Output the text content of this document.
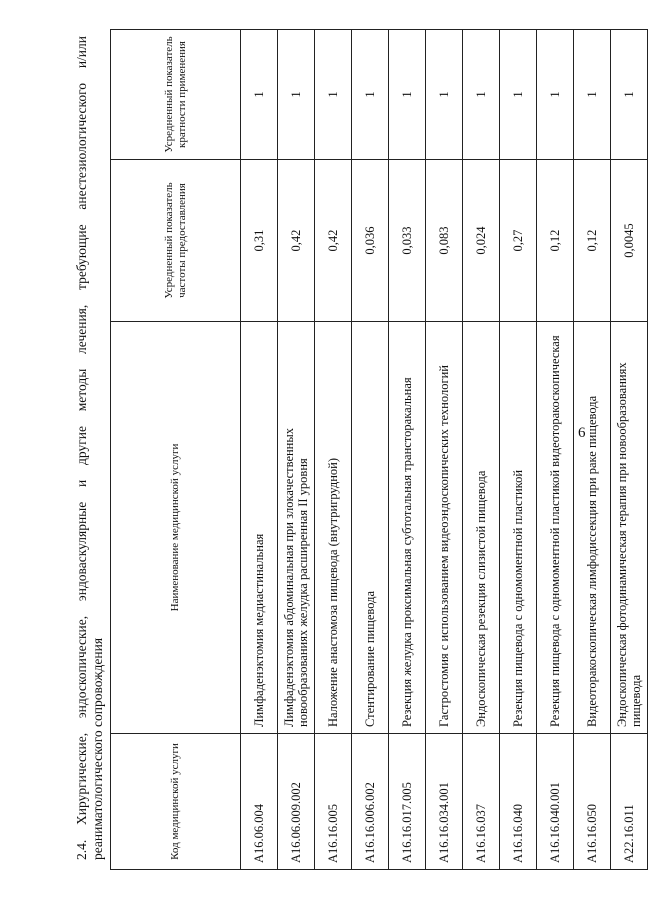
6
2.4. Хирургические, эндоскопические, эндоваскулярные и другие методы лечения, требующие анестезиологического и/или реаниматологического сопровождения	Код медицинской услуги	Наименование медицинской услуги	Усредненный показатель частоты предоставления	Усредненный показатель кратности применения
A16.06.004	Лимфаденэктомия медиастинальная	0,31	1
A16.06.009.002	Лимфаденэктомия абдоминальная при злокачественных новообразованиях желудка расширенная II уровня	0,42	1
A16.16.005	Наложение анастомоза пищевода (внутригрудной)	0,42	1
A16.16.006.002	Стентирование пищевода	0,036	1
A16.16.017.005	Резекция желудка проксимальная субтотальная трансторакальная	0,033	1
A16.16.034.001	Гастростомия с использованием видеоэндоскопических технологий	0,083	1
A16.16.037	Эндоскопическая резекция слизистой пищевода	0,024	1
A16.16.040	Резекция пищевода с одномоментной пластикой	0,27	1
A16.16.040.001	Резекция пищевода с одномоментной пластикой видеоторакоскопическая	0,12	1
A16.16.050	Видеоторакоскопическая лимфодиссекция при раке пищевода	0,12	1
A22.16.011	Эндоскопическая фотодинамическая терапия при новообразованиях пищевода	0,0045	1
